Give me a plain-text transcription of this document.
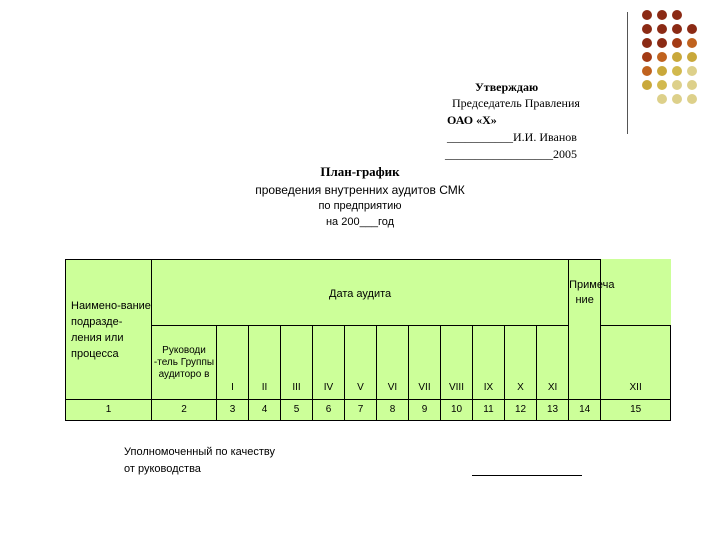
Утверждаю
Председатель Правления
ОАО «Х»
___________И.И. Иванов
__________________2005
План-график
проведения внутренних аудитов СМК
по предприятию
на 200___год
Наимено-вание подразде-ления или процесса	Дата аудита												Примеча ние	
	Руководи -тель Группы аудиторо в	I	II	III	IV	V	VI	VII	VIII	IX	X	XI		XII
1	2	3	4	5	6	7	8	9	10	11	12	13	14	15
Уполномоченный по качеству
от руководства
